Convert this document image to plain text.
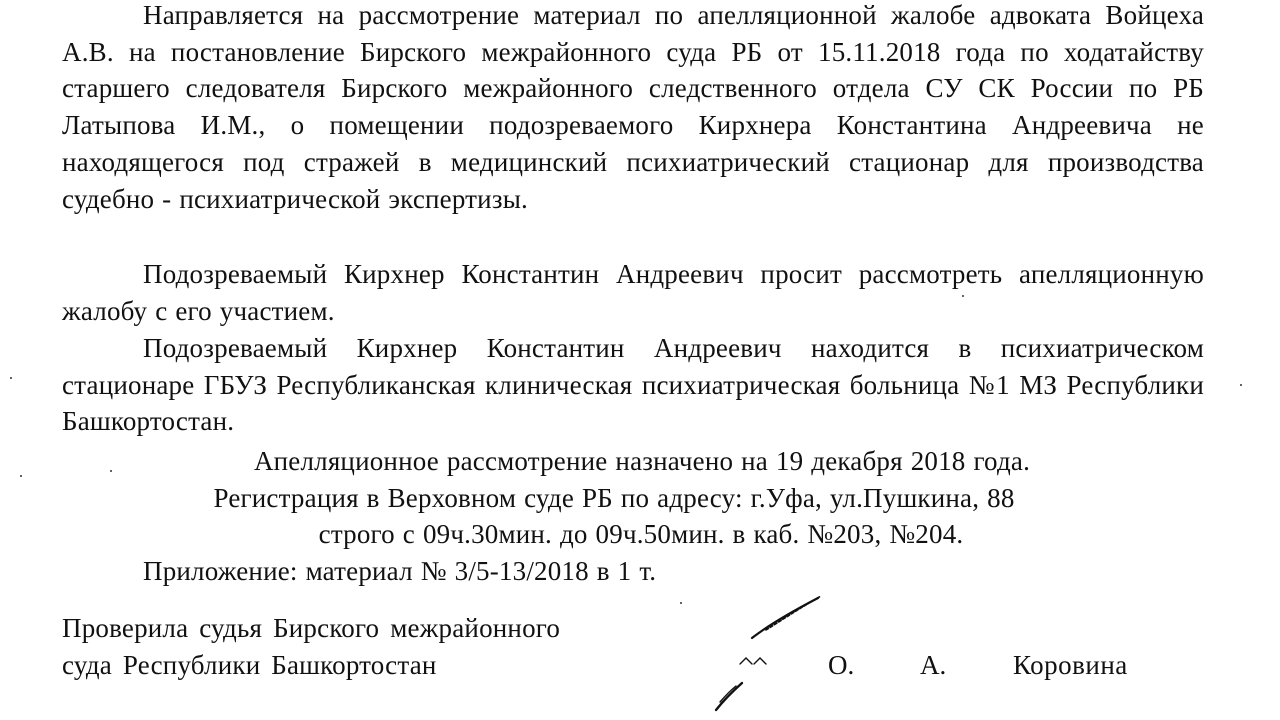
Направляется на рассмотрение материал по апелляционной жалобе адвоката Войцеха А.В. на постановление Бирского межрайонного суда РБ от 15.11.2018 года по ходатайству старшего следователя Бирского межрайонного следственного отдела СУ СК России по РБ Латыпова И.М., о помещении подозреваемого Кирхнера Константина Андреевича не находящегося под стражей в медицинский психиатрический стационар для производства судебно - психиатрической экспертизы.

Подозреваемый Кирхнер Константин Андреевич просит рассмотреть апелляционную жалобу с его участием.

Подозреваемый Кирхнер Константин Андреевич находится в психиатрическом стационаре ГБУЗ Республиканская клиническая психиатрическая больница №1 МЗ Республики Башкортостан.

Апелляционное рассмотрение назначено на 19 декабря 2018 года.

Регистрация в Верховном суде РБ по адресу: г.Уфа, ул.Пушкина, 88

строго с 09ч.30мин. до 09ч.50мин. в каб. №203, №204.

Приложение: материал № 3/5-13/2018 в 1 т.

Проверила судья Бирского межрайонного

суда Республики Башкортостан	О. А. Коровина
